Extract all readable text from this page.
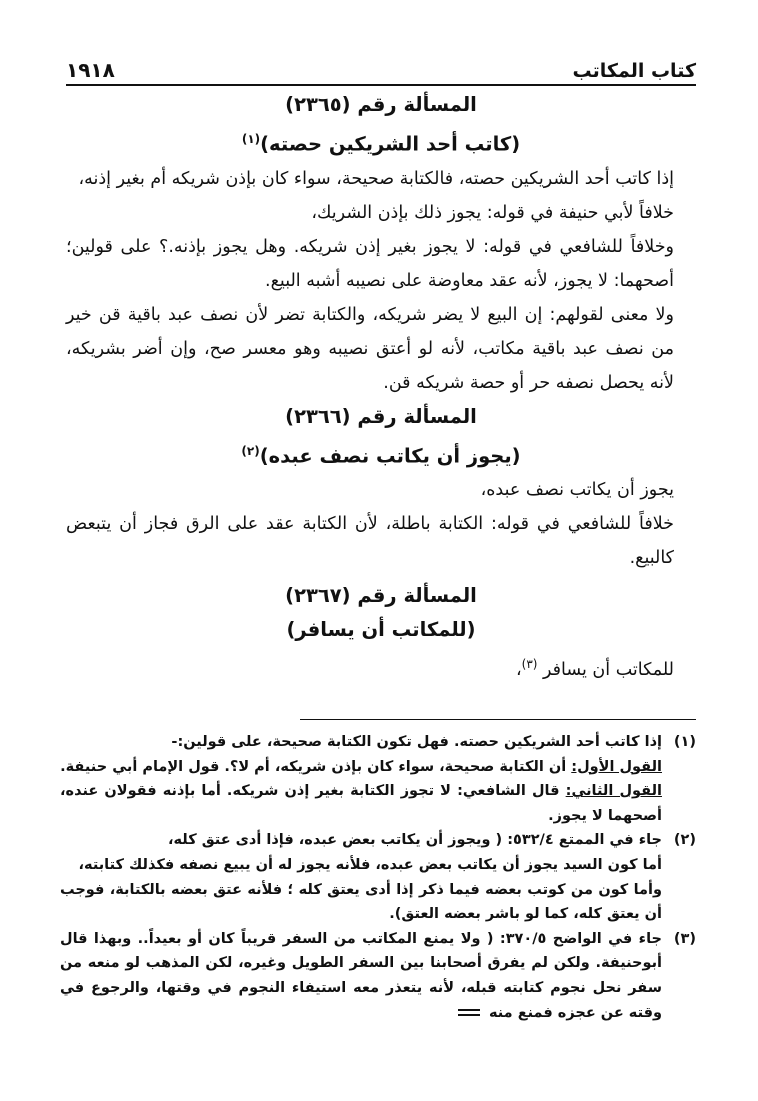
كتاب المكاتب
١٩١٨
المسألة رقم (٢٣٦٥)
(كاتب أحد الشريكين حصته)$^{(١)}$

إذا كاتب أحد الشريكين حصته، فالكتابة صحيحة، سواء كان بإذن شريكه أم بغير إذنه،

خلافاً لأبي حنيفة في قوله: يجوز ذلك بإذن الشريك،

وخلافاً للشافعي في قوله: لا يجوز بغير إذن شريكه. وهل يجوز بإذنه.؟ على قولين؛ أصحهما: لا يجوز، لأنه عقد معاوضة على نصيبه أشبه البيع.

ولا معنى لقولهم: إن البيع لا يضر شريكه، والكتابة تضر لأن نصف عبد باقية قن خير من نصف عبد باقية مكاتب، لأنه لو أعتق نصيبه وهو معسر صح، وإن أضر بشريكه، لأنه يحصل نصفه حر أو حصة شريكه قن.

المسألة رقم (٢٣٦٦)
(يجوز أن يكاتب نصف عبده)$^{(٢)}$

يجوز أن يكاتب نصف عبده،

خلافاً للشافعي في قوله: الكتابة باطلة، لأن الكتابة عقد على الرق فجاز أن يتبعض كالبيع.

المسألة رقم (٢٣٦٧)
(للمكاتب أن يسافر)

للمكاتب أن يسافر $^{(٣)}$،

(١)
إذا كاتب أحد الشريكين حصته. فهل تكون الكتابة صحيحة، على قولين:-
القول الأول: أن الكتابة صحيحة، سواء كان بإذن شريكه، أم لا؟. قول الإمام أبي حنيفة.
القول الثاني: قال الشافعي: لا تجوز الكتابة بغير إذن شريكه. أما بإذنه فقولان عنده، أصحهما لا يجوز.
(٢)
جاء في الممتع ٥٣٢/٤: ( ويجوز أن يكاتب بعض عبده، فإذا أدى عتق كله،
أما كون السيد يجوز أن يكاتب بعض عبده، فلأنه يجوز له أن يبيع نصفه فكذلك كتابته،
وأما كون من كوتب بعضه فيما ذكر إذا أدى يعتق كله ؛ فلأنه عتق بعضه بالكتابة، فوجب أن يعتق كله، كما لو باشر بعضه العتق).
(٣)
جاء في الواضح ٣٧٠/٥: ( ولا يمنع المكاتب من السفر قريباً كان أو بعيداً.. وبهذا قال أبوحنيفة. ولكن لم يفرق أصحابنا بين السفر الطويل وغيره، لكن المذهب لو منعه من سفر نحل نجوم كتابته قبله، لأنه يتعذر معه استيفاء النجوم في وقتها، والرجوع في وقته عن عجزه فمنع منه
